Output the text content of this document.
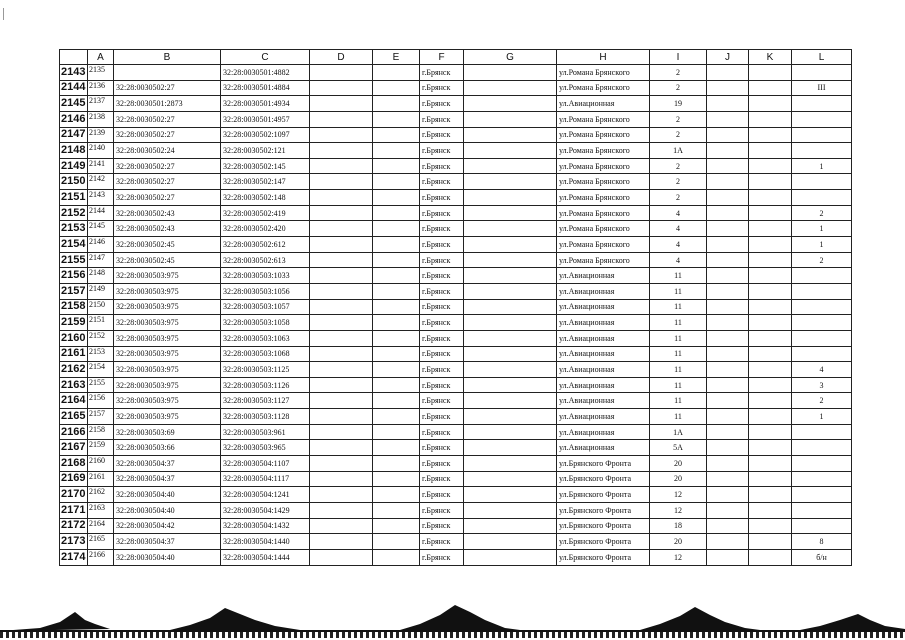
	A	B	C	D	E	F	G	H	I	J	K	L
2143	2135		32:28:0030501:4882			г.Брянск		ул.Романа Брянского	2			
2144	2136	32:28:0030502:27	32:28:0030501:4884			г.Брянск		ул.Романа Брянского	2			III
2145	2137	32:28:0030501:2873	32:28:0030501:4934			г.Брянск		ул.Авиационная	19			
2146	2138	32:28:0030502:27	32:28:0030501:4957			г.Брянск		ул.Романа Брянского	2			
2147	2139	32:28:0030502:27	32:28:0030502:1097			г.Брянск		ул.Романа Брянского	2			
2148	2140	32:28:0030502:24	32:28:0030502:121			г.Брянск		ул.Романа Брянского	1А			
2149	2141	32:28:0030502:27	32:28:0030502:145			г.Брянск		ул.Романа Брянского	2			1
2150	2142	32:28:0030502:27	32:28:0030502:147			г.Брянск		ул.Романа Брянского	2			
2151	2143	32:28:0030502:27	32:28:0030502:148			г.Брянск		ул.Романа Брянского	2			
2152	2144	32:28:0030502:43	32:28:0030502:419			г.Брянск		ул.Романа Брянского	4			2
2153	2145	32:28:0030502:43	32:28:0030502:420			г.Брянск		ул.Романа Брянского	4			1
2154	2146	32:28:0030502:45	32:28:0030502:612			г.Брянск		ул.Романа Брянского	4			1
2155	2147	32:28:0030502:45	32:28:0030502:613			г.Брянск		ул.Романа Брянского	4			2
2156	2148	32:28:0030503:975	32:28:0030503:1033			г.Брянск		ул.Авиационная	11			
2157	2149	32:28:0030503:975	32:28:0030503:1056			г.Брянск		ул.Авиационная	11			
2158	2150	32:28:0030503:975	32:28:0030503:1057			г.Брянск		ул.Авиационная	11			
2159	2151	32:28:0030503:975	32:28:0030503:1058			г.Брянск		ул.Авиационная	11			
2160	2152	32:28:0030503:975	32:28:0030503:1063			г.Брянск		ул.Авиационная	11			
2161	2153	32:28:0030503:975	32:28:0030503:1068			г.Брянск		ул.Авиационная	11			
2162	2154	32:28:0030503:975	32:28:0030503:1125			г.Брянск		ул.Авиационная	11			4
2163	2155	32:28:0030503:975	32:28:0030503:1126			г.Брянск		ул.Авиационная	11			3
2164	2156	32:28:0030503:975	32:28:0030503:1127			г.Брянск		ул.Авиационная	11			2
2165	2157	32:28:0030503:975	32:28:0030503:1128			г.Брянск		ул.Авиационная	11			1
2166	2158	32:28:0030503:69	32:28:0030503:961			г.Брянск		ул.Авиационная	1А			
2167	2159	32:28:0030503:66	32:28:0030503:965			г.Брянск		ул.Авиационная	5А			
2168	2160	32:28:0030504:37	32:28:0030504:1107			г.Брянск		ул.Брянского Фронта	20			
2169	2161	32:28:0030504:37	32:28:0030504:1117			г.Брянск		ул.Брянского Фронта	20			
2170	2162	32:28:0030504:40	32:28:0030504:1241			г.Брянск		ул.Брянского Фронта	12			
2171	2163	32:28:0030504:40	32:28:0030504:1429			г.Брянск		ул.Брянского Фронта	12			
2172	2164	32:28:0030504:42	32:28:0030504:1432			г.Брянск		ул.Брянского Фронта	18			
2173	2165	32:28:0030504:37	32:28:0030504:1440			г.Брянск		ул.Брянского Фронта	20			8
2174	2166	32:28:0030504:40	32:28:0030504:1444			г.Брянск		ул.Брянского Фронта	12			б/н
